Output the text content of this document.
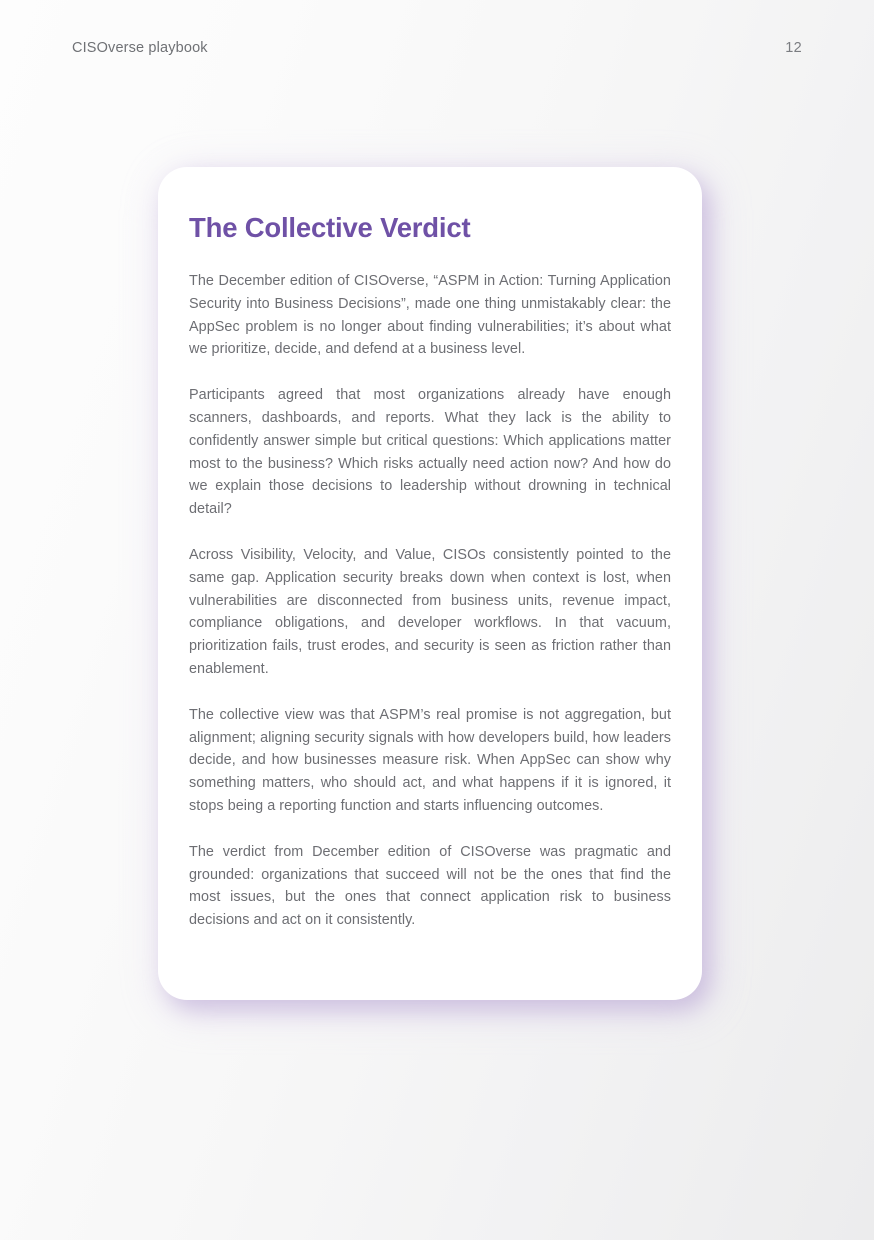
CISOverse playbook	12
The Collective Verdict

The December edition of CISOverse, “ASPM in Action: Turning Application Security into Business Decisions”, made one thing unmistakably clear: the AppSec problem is no longer about finding vulnerabilities; it’s about what we prioritize, decide, and defend at a business level.

Participants agreed that most organizations already have enough scanners, dashboards, and reports. What they lack is the ability to confidently answer simple but critical questions: Which applications matter most to the business? Which risks actually need action now? And how do we explain those decisions to leadership without drowning in technical detail?

Across Visibility, Velocity, and Value, CISOs consistently pointed to the same gap. Application security breaks down when context is lost, when vulnerabilities are disconnected from business units, revenue impact, compliance obligations, and developer workflows. In that vacuum, prioritization fails, trust erodes, and security is seen as friction rather than enablement.

The collective view was that ASPM’s real promise is not aggregation, but alignment; aligning security signals with how developers build, how leaders decide, and how businesses measure risk. When AppSec can show why something matters, who should act, and what happens if it is ignored, it stops being a reporting function and starts influencing outcomes.

The verdict from December edition of CISOverse was pragmatic and grounded: organizations that succeed will not be the ones that find the most issues, but the ones that connect application risk to business decisions and act on it consistently.
